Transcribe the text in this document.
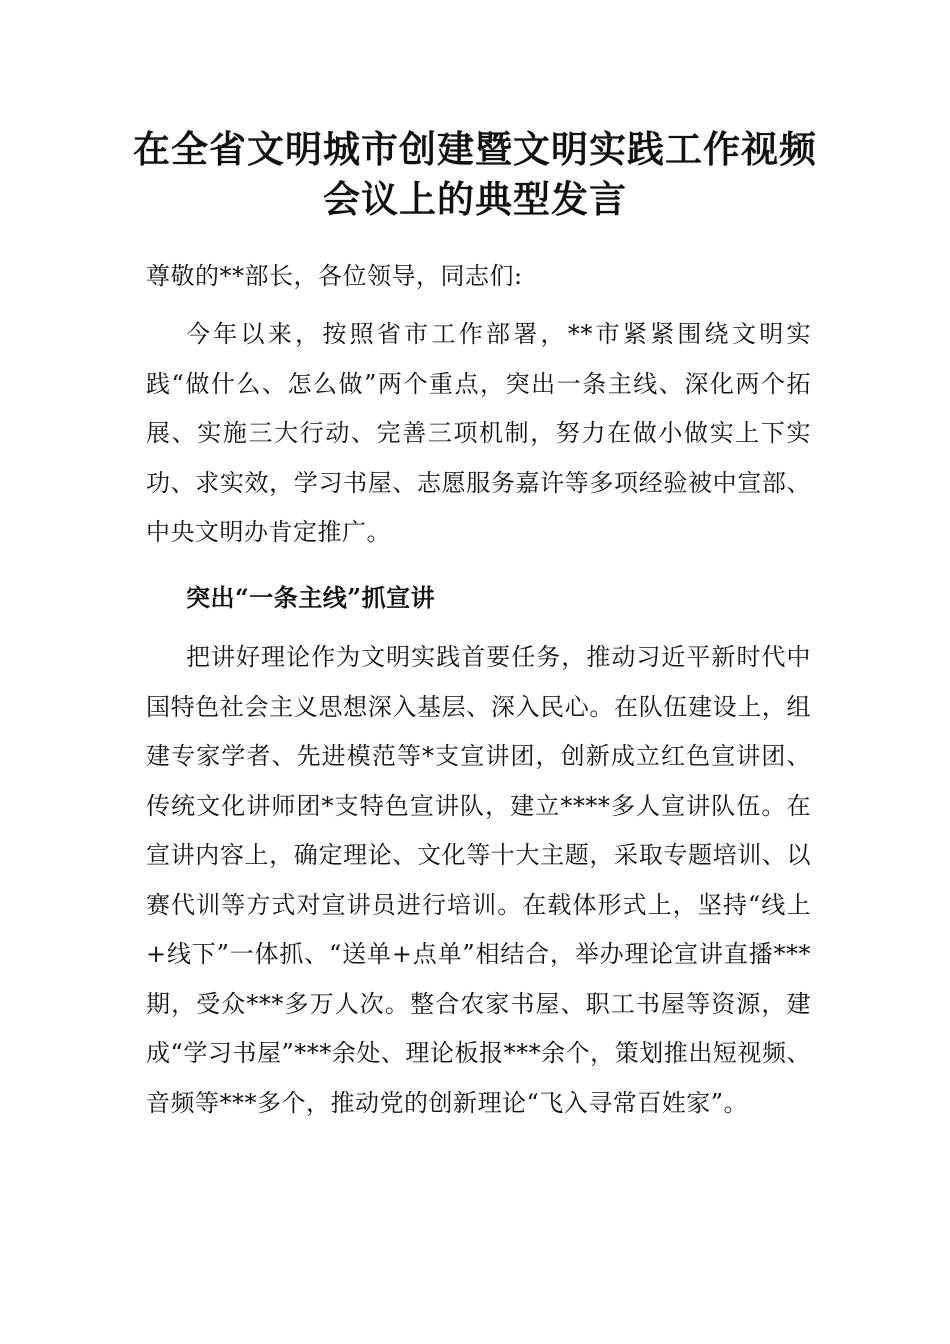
在全省文明城市创建暨文明实践工作视频
会议上的典型发言

尊敬的**部长，各位领导，同志们:

今年以来，按照省市工作部署，**市紧紧围绕文明实践“做什么、怎么做”两个重点，突出一条主线、深化两个拓展、实施三大行动、完善三项机制，努力在做小做实上下实功、求实效，学习书屋、志愿服务嘉许等多项经验被中宣部、中央文明办肯定推广。

突出“一条主线”抓宣讲

把讲好理论作为文明实践首要任务，推动习近平新时代中国特色社会主义思想深入基层、深入民心。在队伍建设上，组建专家学者、先进模范等*支宣讲团，创新成立红色宣讲团、传统文化讲师团*支特色宣讲队，建立****多人宣讲队伍。在宣讲内容上，确定理论、文化等十大主题，采取专题培训、以赛代训等方式对宣讲员进行培训。在载体形式上，坚持“线上+线下”一体抓、“送单+点单”相结合，举办理论宣讲直播***期，受众***多万人次。整合农家书屋、职工书屋等资源，建成“学习书屋”***余处、理论板报***余个，策划推出短视频、音频等***多个，推动党的创新理论“飞入寻常百姓家”。
